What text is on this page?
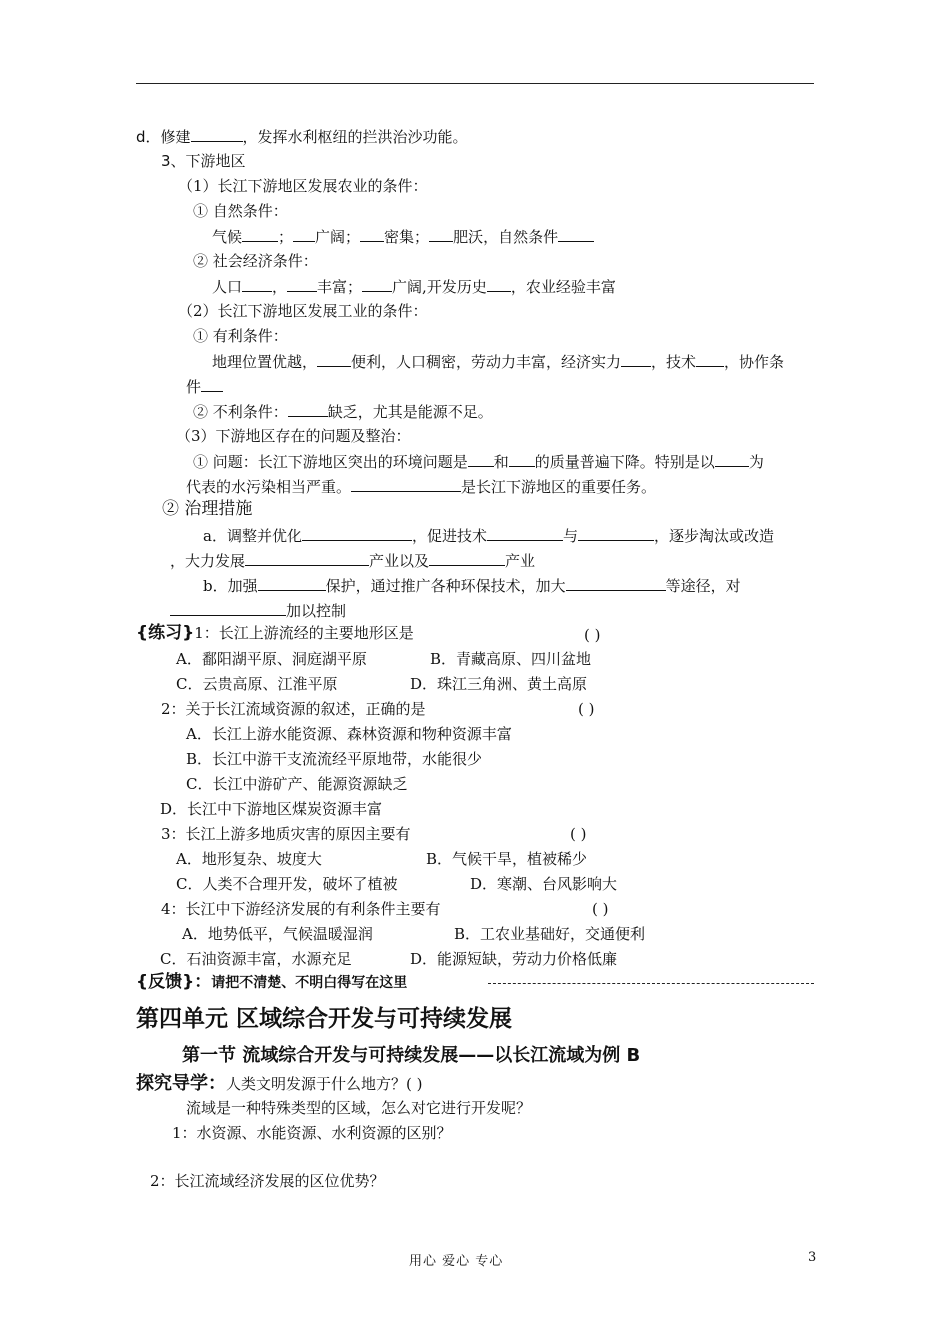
d．修建	，发挥水利枢纽的拦洪治沙功能。
3、下游地区
（1）长江下游地区发展农业的条件：
① 自然条件：
气候 ； 广阔； 密集； 肥沃，自然条件
② 社会经济条件：
人口 ， 丰富； 广阔,开发历史 ，农业经验丰富
（2）长江下游地区发展工业的条件：
① 有利条件：
地理位置优越， 便利，人口稠密，劳动力丰富，经济实力 ，技术 ，协作条
件
② 不利条件：	缺乏，尤其是能源不足。
（3）下游地区存在的问题及整治：
① 问题：长江下游地区突出的环境问题是 和 的质量普遍下降。特别是以 为
代表的水污染相当严重。	是长江下游地区的重要任务。
② 治理措施
a．调整并优化	，促进技术	与	，逐步淘汰或改造
，大力发展	产业以及	产业
b．加强	保护，通过推广各种环保技术，加大	等途径，对
加以控制
{练习}1：长江上游流经的主要地形区是	( )
A．鄱阳湖平原、洞庭湖平原	B．青藏高原、四川盆地
C．云贵高原、江淮平原	D．珠江三角洲、黄土高原
2：关于长江流域资源的叙述，正确的是	( )
A．长江上游水能资源、森林资源和物种资源丰富
B．长江中游干支流流经平原地带，水能很少
C．长江中游矿产、能源资源缺乏
D．长江中下游地区煤炭资源丰富
3：长江上游多地质灾害的原因主要有	( )
A．地形复杂、坡度大	B．气候干旱，植被稀少
C．人类不合理开发，破坏了植被	D．寒潮、台风影响大
4：长江中下游经济发展的有利条件主要有	( )
A．地势低平，气候温暖湿润	B．工农业基础好，交通便利
C．石油资源丰富，水源充足	D．能源短缺，劳动力价格低廉
{反馈}：请把不清楚、不明白得写在这里
第四单元 区域综合开发与可持续发展
第一节 流域综合开发与可持续发展——以长江流域为例 B
探究导学：人类文明发源于什么地方？( )
流域是一种特殊类型的区域，怎么对它进行开发呢？
1：水资源、水能资源、水利资源的区别？
2：长江流域经济发展的区位优势？
用心 爱心 专心	3
